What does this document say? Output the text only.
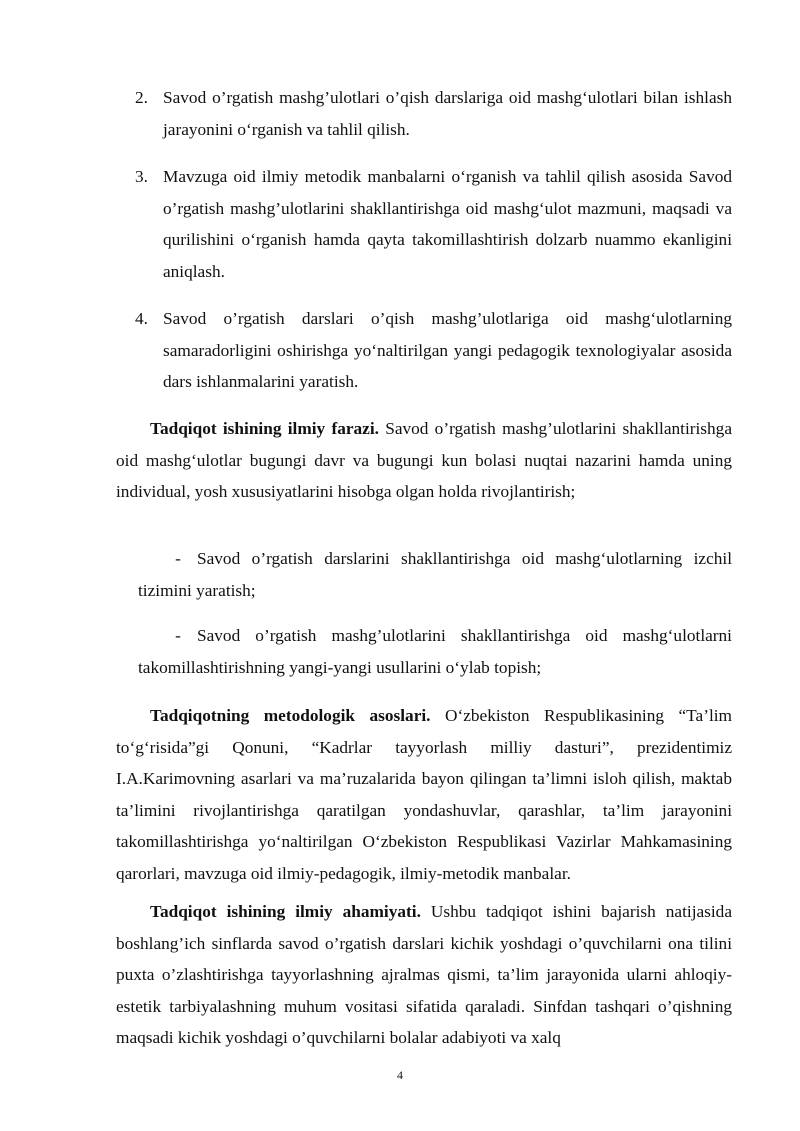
2. Savod o’rgatish mashg’ulotlari o’qish darslariga oid mashg‘ulotlari bilan ishlash jarayonini o‘rganish va tahlil qilish.
3. Mavzuga oid ilmiy metodik manbalarni o‘rganish va tahlil qilish asosida Savod o’rgatish mashg’ulotlarini shakllantirishga oid mashg‘ulot mazmuni, maqsadi va qurilishini o‘rganish hamda qayta takomillashtirish dolzarb nuammo ekanligini aniqlash.
4. Savod o’rgatish darslari o’qish mashg’ulotlariga oid mashg‘ulotlarning samaradorligini oshirishga yo‘naltirilgan yangi pedagogik texnologiyalar asosida dars ishlanmalarini yaratish.
Tadqiqot ishining ilmiy farazi. Savod o’rgatish mashg’ulotlarini shakllantirishga oid mashg‘ulotlar bugungi davr va bugungi kun bolasi nuqtai nazarini hamda uning individual, yosh xususiyatlarini hisobga olgan holda rivojlantirish;
- Savod o’rgatish darslarini shakllantirishga oid mashg‘ulotlarning izchil tizimini yaratish;
- Savod o’rgatish mashg’ulotlarini shakllantirishga oid mashg‘ulotlarni takomillashtirishning yangi-yangi usullarini o‘ylab topish;
Tadqiqotning metodologik asoslari. O‘zbekiston Respublikasining “Ta’lim to‘g‘risida”gi Qonuni, “Kadrlar tayyorlash milliy dasturi”, prezidentimiz I.A.Karimovning asarlari va ma’ruzalarida bayon qilingan ta’limni isloh qilish, maktab ta’limini rivojlantirishga qaratilgan yondashuvlar, qarashlar, ta’lim jarayonini takomillashtirishga yo‘naltirilgan O‘zbekiston Respublikasi Vazirlar Mahkamasining qarorlari, mavzuga oid ilmiy-pedagogik, ilmiy-metodik manbalar.
Tadqiqot ishining ilmiy ahamiyati. Ushbu tadqiqot ishini bajarish natijasida boshlang’ich sinflarda savod o’rgatish darslari kichik yoshdagi o’quvchilarni ona tilini puxta o’zlashtirishga tayyorlashning ajralmas qismi, ta’lim jarayonida ularni ahloqiy-estetik tarbiyalashning muhum vositasi sifatida qaraladi. Sinfdan tashqari o’qishning maqsadi kichik yoshdagi o’quvchilarni bolalar adabiyoti va xalq
4
